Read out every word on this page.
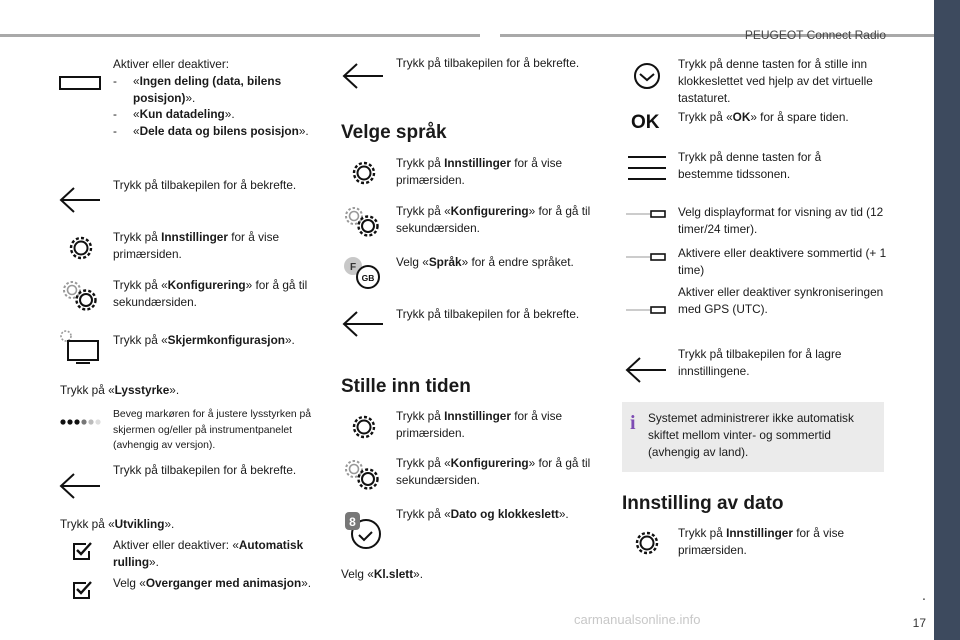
PEUGEOT Connect Radio
.
17
Aktiver eller deaktiver:
- «Ingen deling (data, bilens posisjon)».
- «Kun datadeling».
- «Dele data og bilens posisjon».
Trykk på tilbakepilen for å bekrefte.
Trykk på Innstillinger for å vise primærsiden.
Trykk på «Konfigurering» for å gå til sekundærsiden.
Trykk på «Skjermkonfigurasjon».
Trykk på «Lysstyrke».
Beveg markøren for å justere lysstyrken på skjermen og/eller på instrumentpanelet (avhengig av versjon).
Trykk på tilbakepilen for å bekrefte.
Trykk på «Utvikling».
Aktiver eller deaktiver: «Automatisk rulling».
Velg «Overganger med animasjon».
Trykk på tilbakepilen for å bekrefte.
Velge språk
Trykk på Innstillinger for å vise primærsiden.
Trykk på «Konfigurering» for å gå til sekundærsiden.
F
GB
Velg «Språk» for å endre språket.
Trykk på tilbakepilen for å bekrefte.
Stille inn tiden
Trykk på Innstillinger for å vise primærsiden.
Trykk på «Konfigurering» for å gå til sekundærsiden.
8
Trykk på «Dato og klokkeslett».
Velg «Kl.slett».
Trykk på denne tasten for å stille inn klokkeslettet ved hjelp av det virtuelle tastaturet.
OK Trykk på «OK» for å spare tiden.
Trykk på denne tasten for å bestemme tidssonen.
Velg displayformat for visning av tid (12 timer/24 timer).
Aktivere eller deaktivere sommertid (+ 1 time)
Aktiver eller deaktiver synkroniseringen med GPS (UTC).
Trykk på tilbakepilen for å lagre innstillingene.
i Systemet administrerer ikke automatisk skiftet mellom vinter- og sommertid (avhengig av land).
Innstilling av dato
Trykk på Innstillinger for å vise primærsiden.
carmanualsonline.info
